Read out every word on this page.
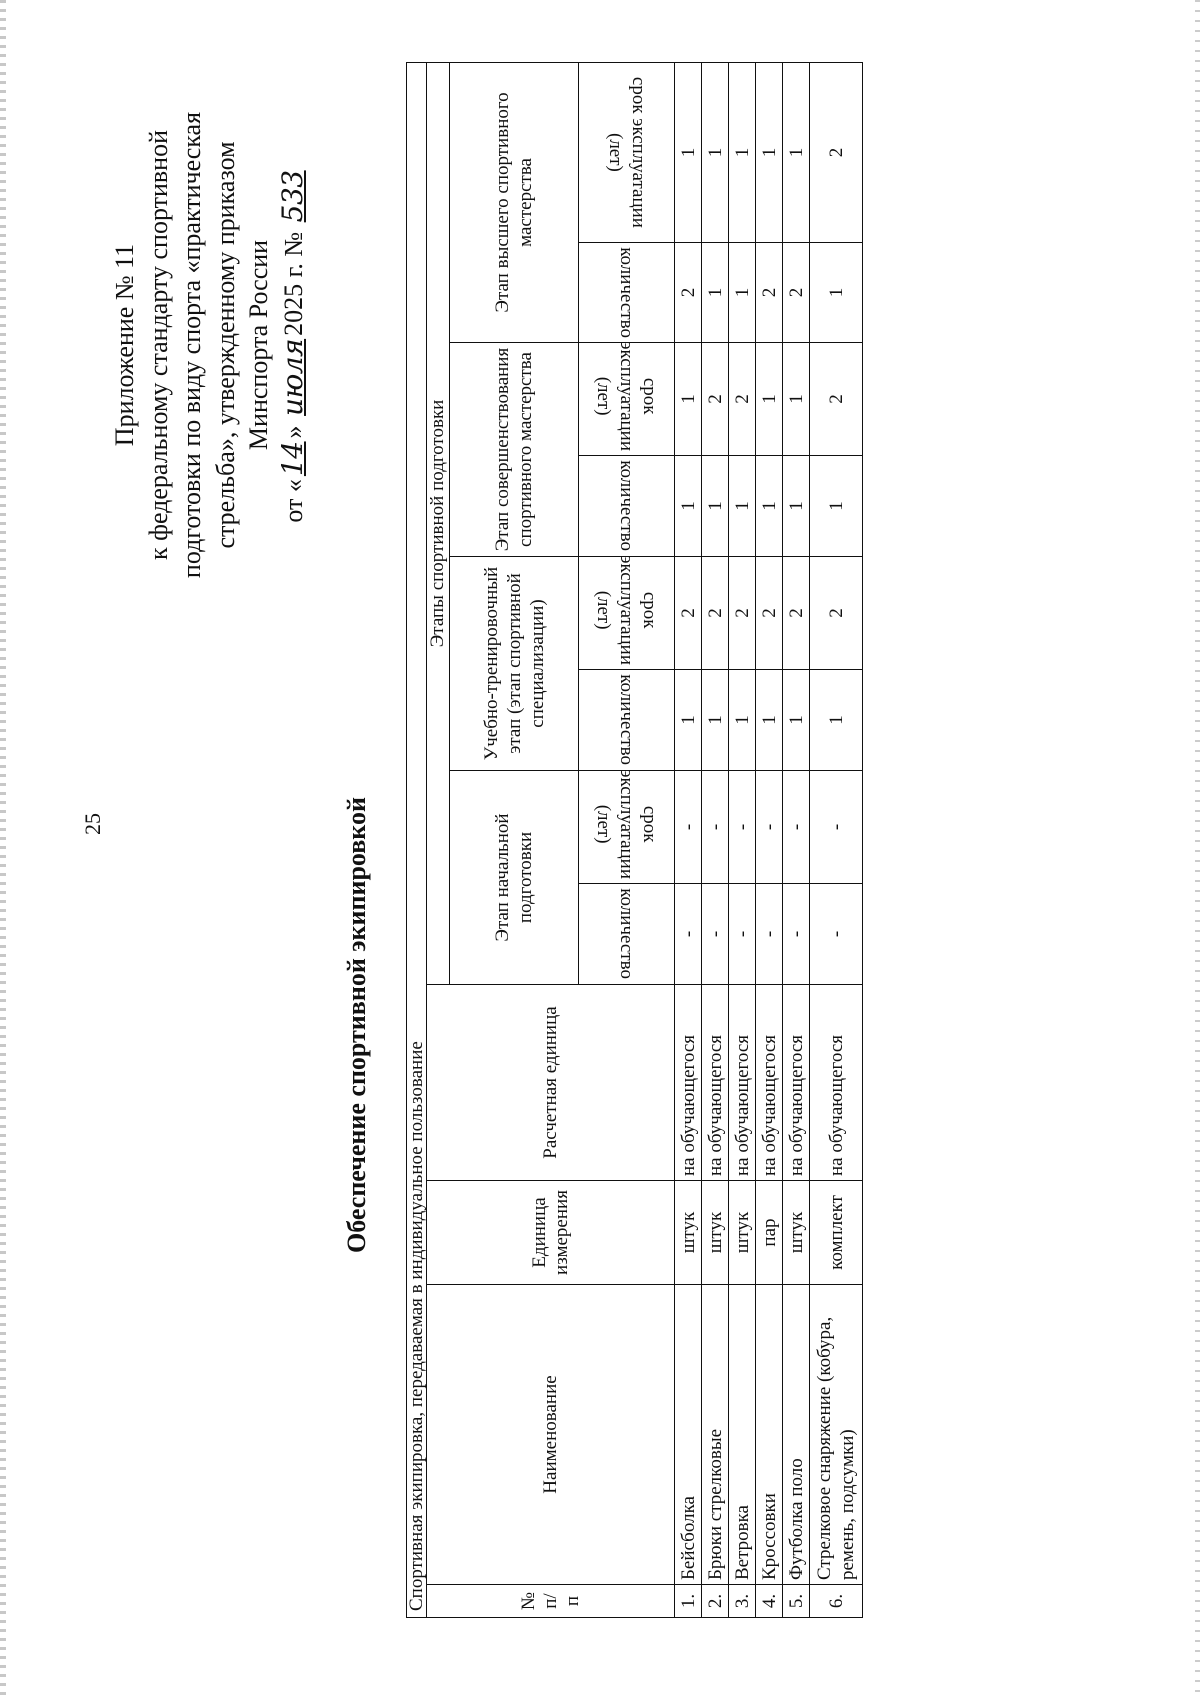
25
Приложение № 11 к федеральному стандарту спортивной подготовки по виду спорта «практическая стрельба», утвержденному приказом Минспорта России
от «14» июля2025 г. № 533
Обеспечение спортивной экипировкой
Спортивная экипировка, передаваемая в индивидуальное пользование											
№ п/п	Наименование	Единица измерения	Расчетная единица	Этапы спортивной подготовки							
				Этап начальной подготовки		Учебно-тренировочный этап (этап спортивной специализации)		Этап совершенствования спортивного мастерства		Этап высшего спортивного мастерства	
				количество	срок эксплуатации (лет)	количество	срок эксплуатации (лет)	количество	срок эксплуатации (лет)	количество	срок эксплуатации (лет)
1.	Бейсболка	штук	на обучающегося	-	-	1	2	1	1	2	1
2.	Брюки стрелковые	штук	на обучающегося	-	-	1	2	1	2	1	1
3.	Ветровка	штук	на обучающегося	-	-	1	2	1	2	1	1
4.	Кроссовки	пар	на обучающегося	-	-	1	2	1	1	2	1
5.	Футболка поло	штук	на обучающегося	-	-	1	2	1	1	2	1
6.	Стрелковое снаряжение (кобура, ремень, подсумки)	комплект	на обучающегося	-	-	1	2	1	2	1	2
